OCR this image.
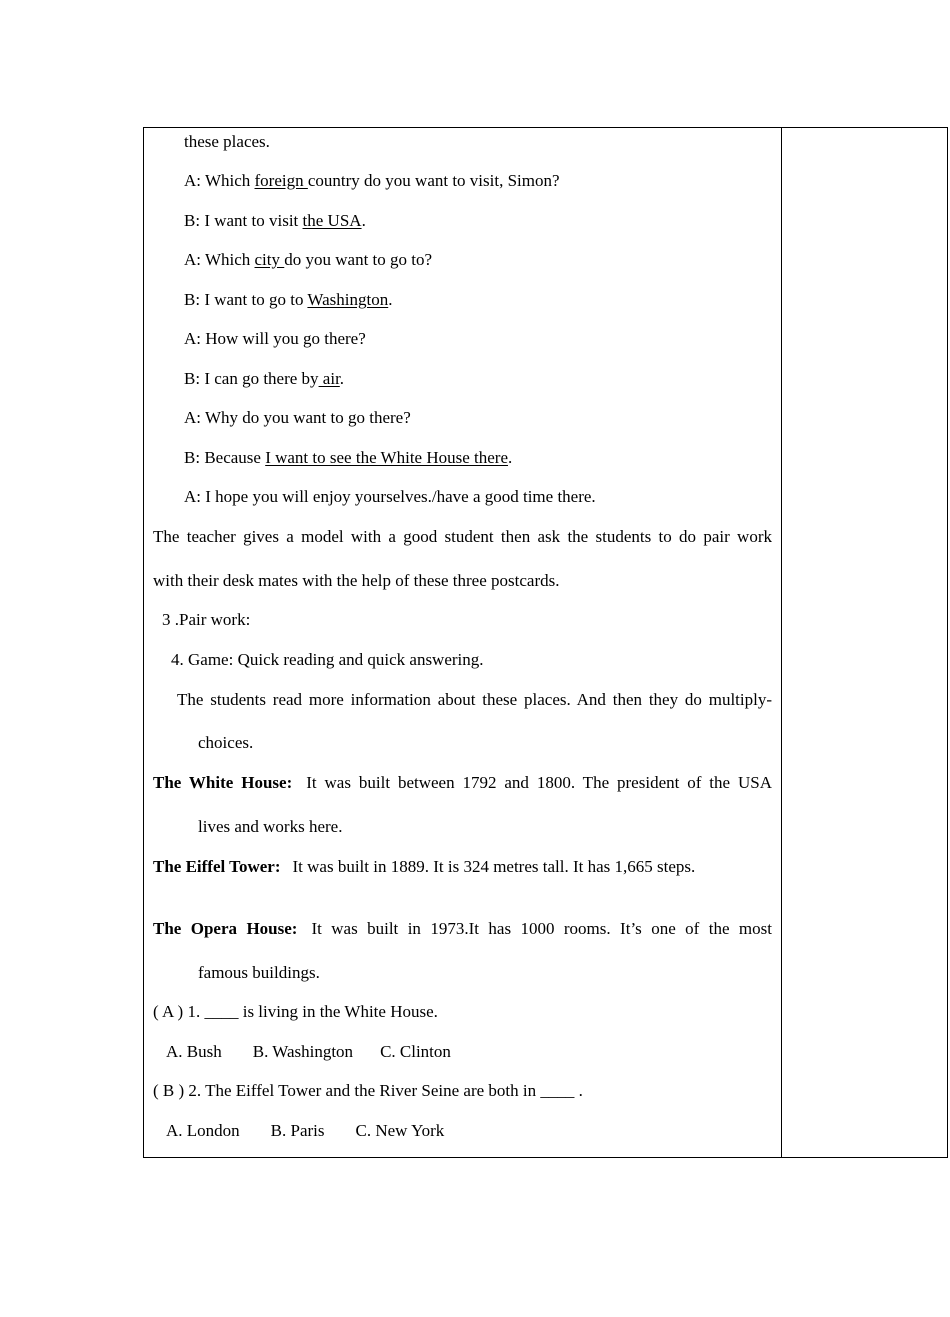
these places.
A: Which foreign country do you want to visit, Simon?
B: I want to visit the USA.
A: Which city do you want to go to?
B: I want to go to Washington.
A: How will you go there?
B: I can go there by air.
A: Why do you want to go there?
B: Because I want to see the White House there.
A: I hope you will enjoy yourselves./have a good time there.
The teacher gives a model with a good student then ask the students to do pair work
with their desk mates with the help of these three postcards.
3 .Pair work:
4. Game: Quick reading and quick answering.
The students read more information about these places. And then they do multiply-
choices.
The White House: It was built between 1792 and 1800. The president of the USA
lives and works here.
The Eiffel Tower: It was built in 1889. It is 324 metres tall. It has 1,665 steps.
The Opera House: It was built in 1973.It has 1000 rooms. It’s one of the most
famous buildings.
( A ) 1. ____ is living in the White House.
A. Bush B. Washington C. Clinton
( B ) 2. The Eiffel Tower and the River Seine are both in ____ .
A. London B. Paris C. New York
